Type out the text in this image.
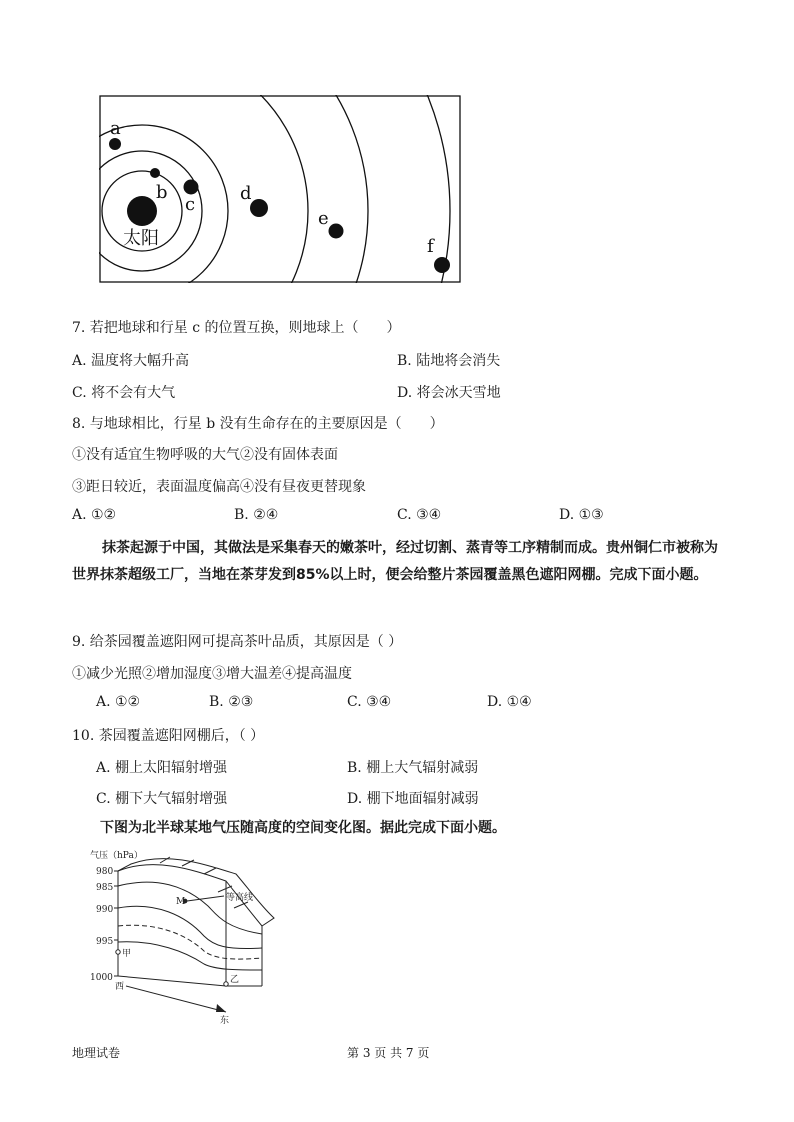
a
b
c
d
e
f
太阳
7. 若把地球和行星 c 的位置互换，则地球上（　　）
A. 温度将大幅升高	B. 陆地将会消失
C. 将不会有大气	D. 将会冰天雪地
8. 与地球相比，行星 b 没有生命存在的主要原因是（　　）
①没有适宜生物呼吸的大气②没有固体表面
③距日较近，表面温度偏高④没有昼夜更替现象
A. ①②	B. ②④	C. ③④	D. ①③
抹茶起源于中国，其做法是采集春天的嫩茶叶，经过切割、蒸青等工序精制而成。贵州铜仁市被称为世界抹茶超级工厂，当地在茶芽发到85%以上时，便会给整片茶园覆盖黑色遮阳网棚。完成下面小题。
9. 给茶园覆盖遮阳网可提高茶叶品质，其原因是（ ）
①减少光照②增加湿度③增大温差④提高温度
A. ①②	B. ②③	C. ③④	D. ①④
10. 茶园覆盖遮阳网棚后，（ ）
A. 棚上太阳辐射增强	B. 棚上大气辐射减弱
C. 棚下大气辐射增强	D. 棚下地面辐射减弱
下图为北半球某地气压随高度的空间变化图。据此完成下面小题。
气压（hPa）
980
985
990
995
1000
M	等高线
甲
乙
西
东
地理试卷	第 3 页 共 7 页
